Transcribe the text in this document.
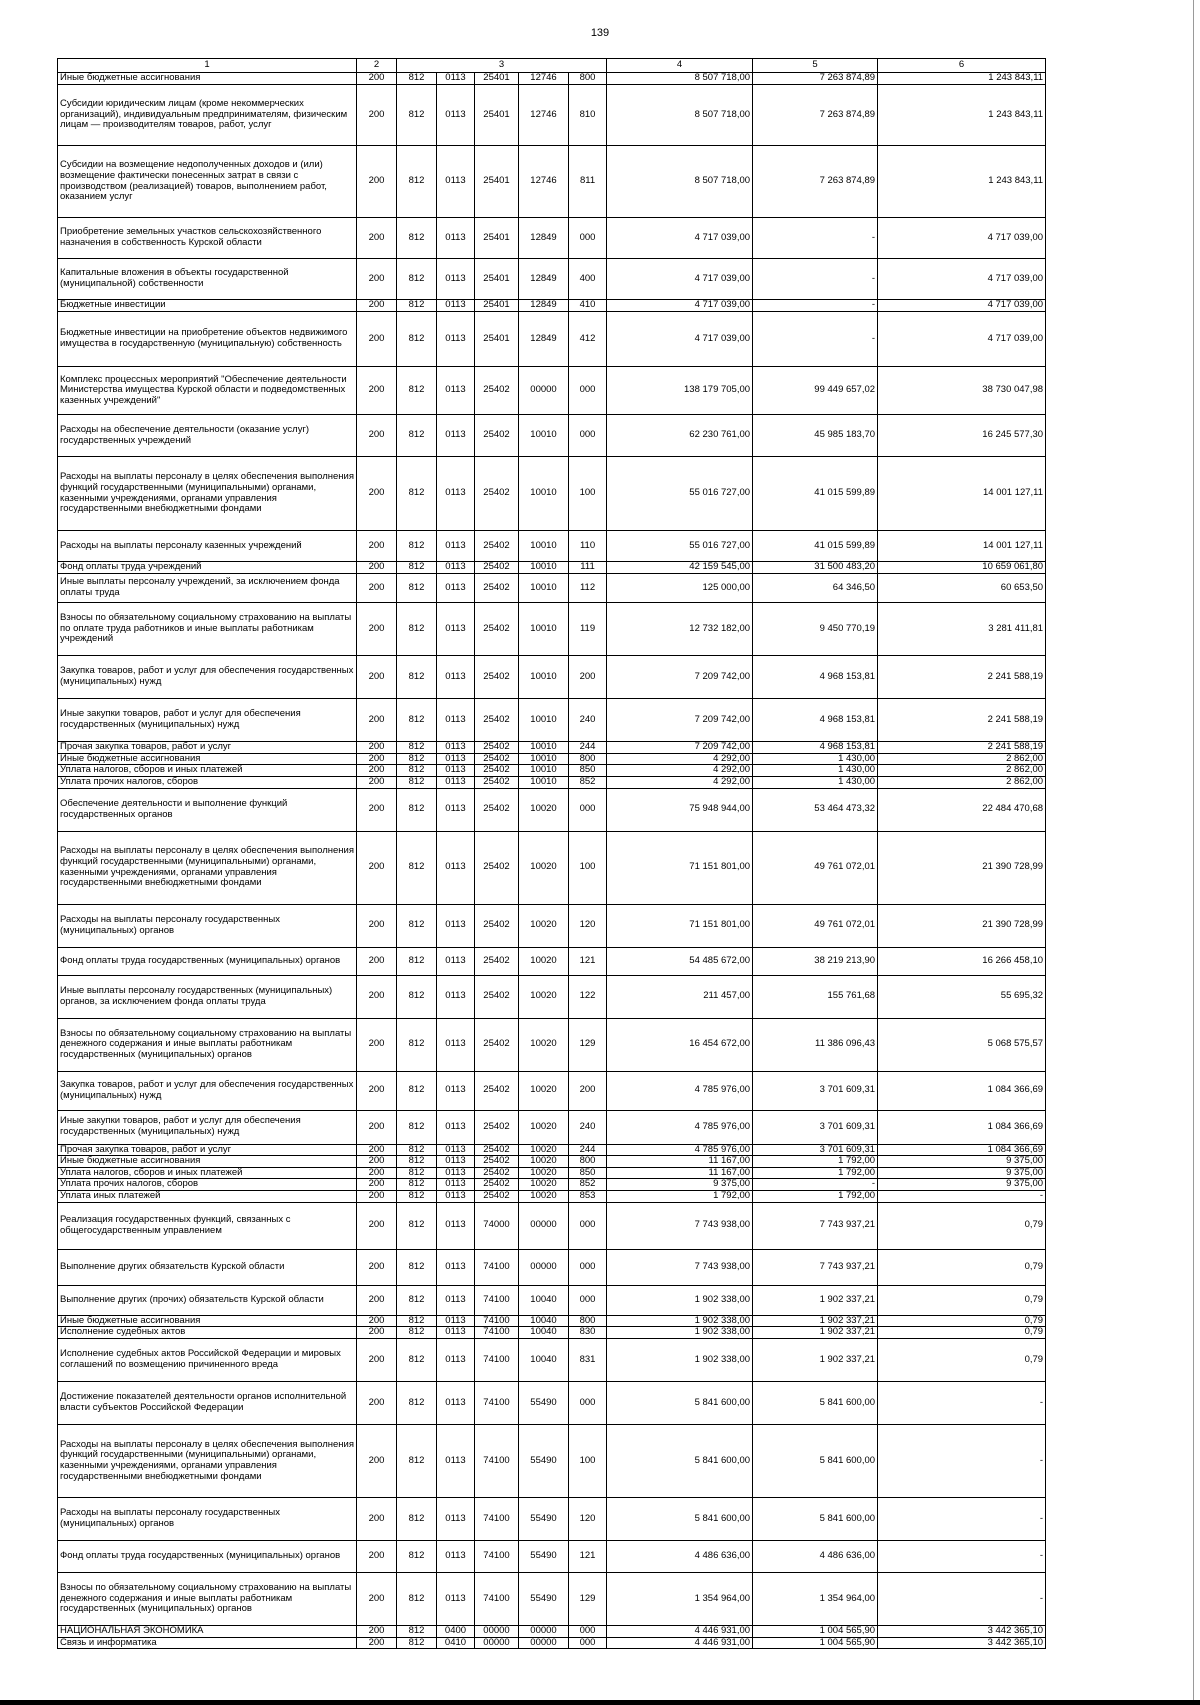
139
1	2	3					4	5	6
Иные бюджетные ассигнования	200	812	0113	25401	12746	800	8 507 718,00	7 263 874,89	1 243 843,11
Субсидии юридическим лицам (кроме некоммерческих организаций), индивидуальным предпринимателям, физическим лицам — производителям товаров, работ, услуг	200	812	0113	25401	12746	810	8 507 718,00	7 263 874,89	1 243 843,11
Субсидии на возмещение недополученных доходов и (или) возмещение фактически понесенных затрат в связи с производством (реализацией) товаров, выполнением работ, оказанием услуг	200	812	0113	25401	12746	811	8 507 718,00	7 263 874,89	1 243 843,11
Приобретение земельных участков сельскохозяйственного назначения в собственность Курской области	200	812	0113	25401	12849	000	4 717 039,00	-	4 717 039,00
Капитальные вложения в объекты государственной (муниципальной) собственности	200	812	0113	25401	12849	400	4 717 039,00	-	4 717 039,00
Бюджетные инвестиции	200	812	0113	25401	12849	410	4 717 039,00	-	4 717 039,00
Бюджетные инвестиции на приобретение объектов недвижимого имущества в государственную (муниципальную) собственность	200	812	0113	25401	12849	412	4 717 039,00	-	4 717 039,00
Комплекс процессных мероприятий "Обеспечение деятельности Министерства имущества Курской области и подведомственных казенных учреждений"	200	812	0113	25402	00000	000	138 179 705,00	99 449 657,02	38 730 047,98
Расходы на обеспечение деятельности (оказание услуг) государственных учреждений	200	812	0113	25402	10010	000	62 230 761,00	45 985 183,70	16 245 577,30
Расходы на выплаты персоналу в целях обеспечения выполнения функций государственными (муниципальными) органами, казенными учреждениями, органами управления государственными внебюджетными фондами	200	812	0113	25402	10010	100	55 016 727,00	41 015 599,89	14 001 127,11
Расходы на выплаты персоналу казенных учреждений	200	812	0113	25402	10010	110	55 016 727,00	41 015 599,89	14 001 127,11
Фонд оплаты труда учреждений	200	812	0113	25402	10010	111	42 159 545,00	31 500 483,20	10 659 061,80
Иные выплаты персоналу учреждений, за исключением фонда оплаты труда	200	812	0113	25402	10010	112	125 000,00	64 346,50	60 653,50
Взносы по обязательному социальному страхованию на выплаты по оплате труда работников и иные выплаты работникам учреждений	200	812	0113	25402	10010	119	12 732 182,00	9 450 770,19	3 281 411,81
Закупка товаров, работ и услуг для обеспечения государственных (муниципальных) нужд	200	812	0113	25402	10010	200	7 209 742,00	4 968 153,81	2 241 588,19
Иные закупки товаров, работ и услуг для обеспечения государственных (муниципальных) нужд	200	812	0113	25402	10010	240	7 209 742,00	4 968 153,81	2 241 588,19
Прочая закупка товаров, работ и услуг	200	812	0113	25402	10010	244	7 209 742,00	4 968 153,81	2 241 588,19
Иные бюджетные ассигнования	200	812	0113	25402	10010	800	4 292,00	1 430,00	2 862,00
Уплата налогов, сборов и иных платежей	200	812	0113	25402	10010	850	4 292,00	1 430,00	2 862,00
Уплата прочих налогов, сборов	200	812	0113	25402	10010	852	4 292,00	1 430,00	2 862,00
Обеспечение деятельности и выполнение функций государственных органов	200	812	0113	25402	10020	000	75 948 944,00	53 464 473,32	22 484 470,68
Расходы на выплаты персоналу в целях обеспечения выполнения функций государственными (муниципальными) органами, казенными учреждениями, органами управления государственными внебюджетными фондами	200	812	0113	25402	10020	100	71 151 801,00	49 761 072,01	21 390 728,99
Расходы на выплаты персоналу государственных (муниципальных) органов	200	812	0113	25402	10020	120	71 151 801,00	49 761 072,01	21 390 728,99
Фонд оплаты труда государственных (муниципальных) органов	200	812	0113	25402	10020	121	54 485 672,00	38 219 213,90	16 266 458,10
Иные выплаты персоналу государственных (муниципальных) органов, за исключением фонда оплаты труда	200	812	0113	25402	10020	122	211 457,00	155 761,68	55 695,32
Взносы по обязательному социальному страхованию на выплаты денежного содержания и иные выплаты работникам государственных (муниципальных) органов	200	812	0113	25402	10020	129	16 454 672,00	11 386 096,43	5 068 575,57
Закупка товаров, работ и услуг для обеспечения государственных (муниципальных) нужд	200	812	0113	25402	10020	200	4 785 976,00	3 701 609,31	1 084 366,69
Иные закупки товаров, работ и услуг для обеспечения государственных (муниципальных) нужд	200	812	0113	25402	10020	240	4 785 976,00	3 701 609,31	1 084 366,69
Прочая закупка товаров, работ и услуг	200	812	0113	25402	10020	244	4 785 976,00	3 701 609,31	1 084 366,69
Иные бюджетные ассигнования	200	812	0113	25402	10020	800	11 167,00	1 792,00	9 375,00
Уплата налогов, сборов и иных платежей	200	812	0113	25402	10020	850	11 167,00	1 792,00	9 375,00
Уплата прочих налогов, сборов	200	812	0113	25402	10020	852	9 375,00	-	9 375,00
Уплата иных платежей	200	812	0113	25402	10020	853	1 792,00	1 792,00	-
Реализация государственных функций, связанных с общегосударственным управлением	200	812	0113	74000	00000	000	7 743 938,00	7 743 937,21	0,79
Выполнение других обязательств Курской области	200	812	0113	74100	00000	000	7 743 938,00	7 743 937,21	0,79
Выполнение других (прочих) обязательств Курской области	200	812	0113	74100	10040	000	1 902 338,00	1 902 337,21	0,79
Иные бюджетные ассигнования	200	812	0113	74100	10040	800	1 902 338,00	1 902 337,21	0,79
Исполнение судебных актов	200	812	0113	74100	10040	830	1 902 338,00	1 902 337,21	0,79
Исполнение судебных актов Российской Федерации и мировых соглашений по возмещению причиненного вреда	200	812	0113	74100	10040	831	1 902 338,00	1 902 337,21	0,79
Достижение показателей деятельности органов исполнительной власти субъектов Российской Федерации	200	812	0113	74100	55490	000	5 841 600,00	5 841 600,00	-
Расходы на выплаты персоналу в целях обеспечения выполнения функций государственными (муниципальными) органами, казенными учреждениями, органами управления государственными внебюджетными фондами	200	812	0113	74100	55490	100	5 841 600,00	5 841 600,00	-
Расходы на выплаты персоналу государственных (муниципальных) органов	200	812	0113	74100	55490	120	5 841 600,00	5 841 600,00	-
Фонд оплаты труда государственных (муниципальных) органов	200	812	0113	74100	55490	121	4 486 636,00	4 486 636,00	-
Взносы по обязательному социальному страхованию на выплаты денежного содержания и иные выплаты работникам государственных (муниципальных) органов	200	812	0113	74100	55490	129	1 354 964,00	1 354 964,00	-
НАЦИОНАЛЬНАЯ ЭКОНОМИКА	200	812	0400	00000	00000	000	4 446 931,00	1 004 565,90	3 442 365,10
Связь и информатика	200	812	0410	00000	00000	000	4 446 931,00	1 004 565,90	3 442 365,10
